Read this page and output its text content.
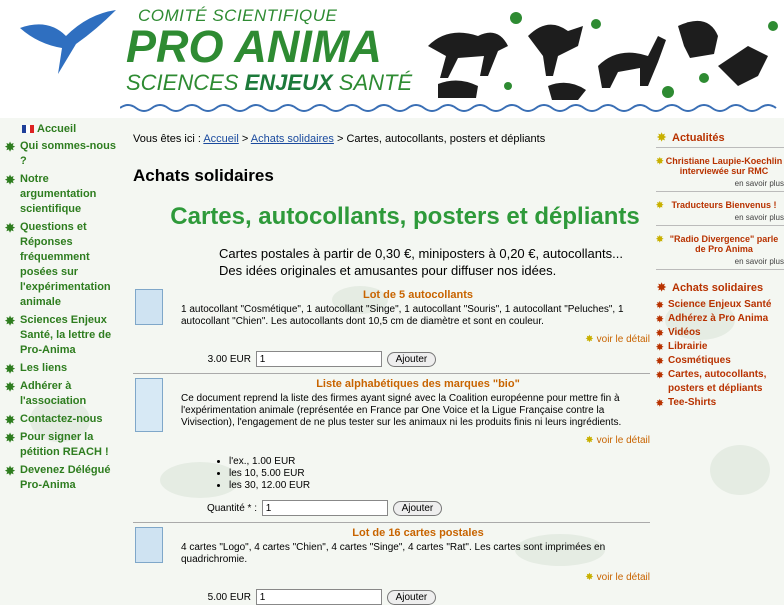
COMITÉ SCIENTIFIQUE
PRO ANIMA
SCIENCES ENJEUX SANTÉ
Accueil
✸ Qui sommes-nous ?
✸ Notre argumentation scientifique
✸ Questions et Réponses fréquemment posées sur l'expérimentation animale
✸ Sciences Enjeux Santé, la lettre de Pro-Anima
✸ Les liens
✸ Adhérer à l'association
✸ Contactez-nous
✸ Pour signer la pétition REACH !
✸ Devenez Délégué Pro-Anima
Vous êtes ici : Accueil > Achats solidaires > Cartes, autocollants, posters et dépliants
Achats solidaires
Cartes, autocollants, posters et dépliants
Cartes postales à partir de 0,30 €, miniposters à 0,20 €, autocollants... Des idées originales et amusantes pour diffuser nos idées.
Lot de 5 autocollants
1 autocollant "Cosmétique", 1 autocollant "Singe", 1 autocollant "Souris", 1 autocollant "Peluches", 1 autocollant "Chien". Les autocollants dont 10,5 cm de diamètre et sont en couleur.
✸ voir le détail
3.00 EUR 1	Ajouter
Liste alphabétiques des marques "bio"
Ce document reprend la liste des firmes ayant signé avec la Coalition européenne pour mettre fin à l'expérimentation animale (représentée en France par One Voice et la Ligue Française contre la Vivisection), l'engagement de ne plus tester sur les animaux ni les produits finis ni leurs ingrédients.
✸ voir le détail
• l'ex., 1.00 EUR
• les 10, 5.00 EUR
• les 30, 12.00 EUR
Quantité * : 1	Ajouter
Lot de 16 cartes postales
4 cartes "Logo", 4 cartes "Chien", 4 cartes "Singe", 4 cartes "Rat". Les cartes sont imprimées en quadrichromie.
✸ voir le détail
5.00 EUR 1	Ajouter
✸ Actualités
✸ Christiane Laupie-Koechlin interviewée sur RMC
en savoir plus
✸ Traducteurs Bienvenus !
en savoir plus
✸ "Radio Divergence" parle de Pro Anima
en savoir plus
✸ Achats solidaires
✸ Science Enjeux Santé
✸ Adhérez à Pro Anima
✸ Vidéos
✸ Librairie
✸ Cosmétiques
✸ Cartes, autocollants, posters et dépliants
✸ Tee-Shirts
